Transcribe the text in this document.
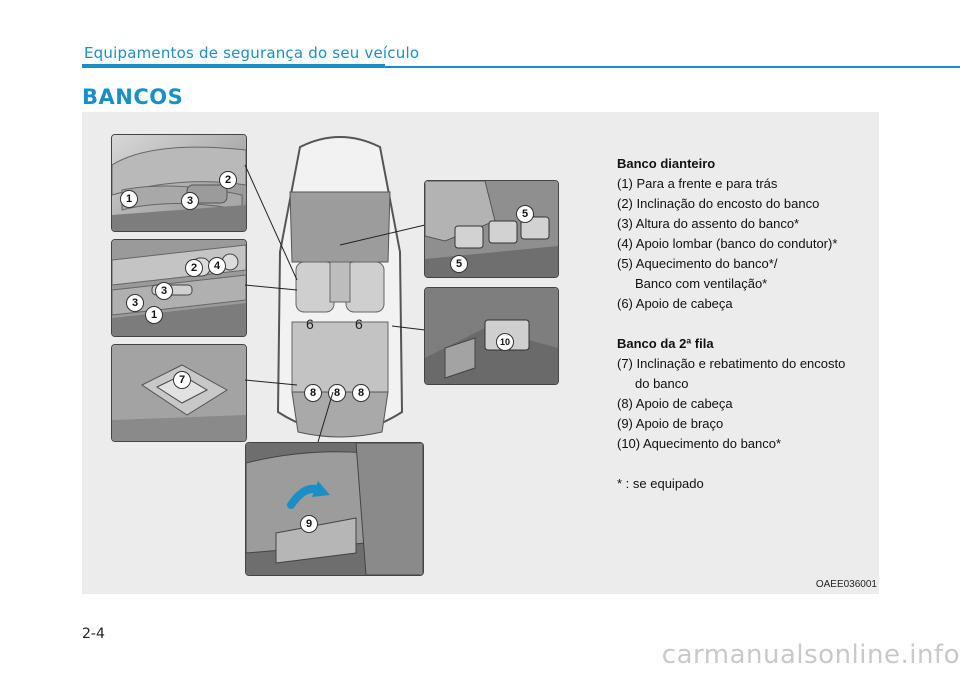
Equipamentos de segurança do seu veículo
BANCOS
1
2
3
2	4
3
3
1
7
6	6
8	8	8
5
5
10
9

Banco dianteiro

(1) Para a frente e para trás

(2) Inclinação do encosto do banco

(3) Altura do assento do banco*

(4) Apoio lombar (banco do condutor)*

(5) Aquecimento do banco*/

Banco com ventilação*

(6) Apoio de cabeça

Banco da 2ª fila

(7) Inclinação e rebatimento do encosto

do banco

(8) Apoio de cabeça

(9) Apoio de braço

(10) Aquecimento do banco*

* : se equipado

OAEE036001
2-4
carmanualsonline.info
